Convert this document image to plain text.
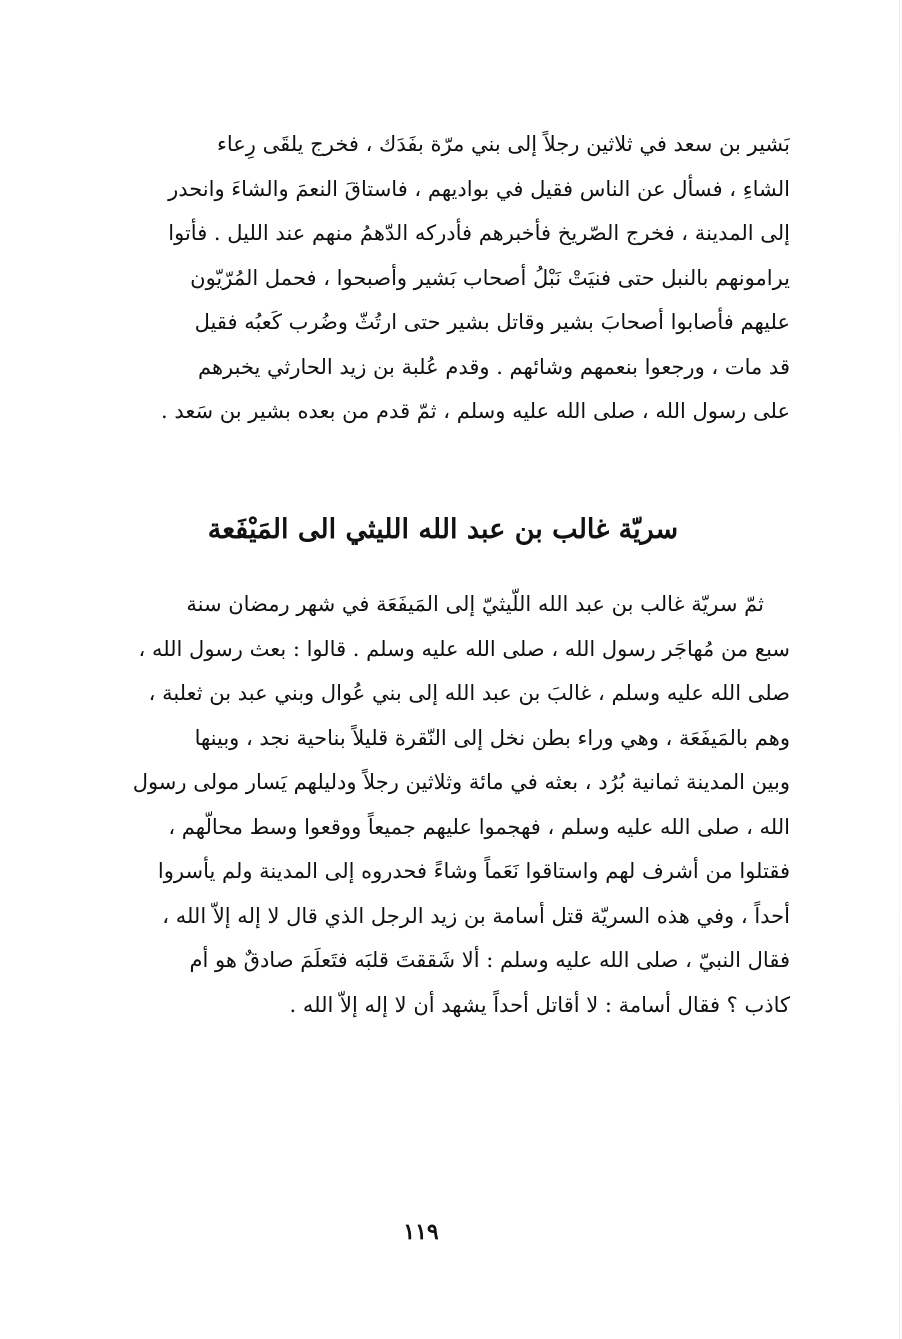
بَشير بن سعد في ثلاثين رجلاً إلى بني مرّة بفَدَك ، فخرج يلقَى رِعاء
الشاءِ ، فسأل عن الناس فقيل في بواديهم ، فاستاقَ النعمَ والشاءَ وانحدر
إلى المدينة ، فخرج الصّريخ فأخبرهم فأدركه الدّهمُ منهم عند الليل . فأتوا
يرامونهم بالنبل حتى فنيَتْ نَبْلُ أصحاب بَشير وأصبحوا ، فحمل المُرّيّون
عليهم فأصابوا أصحابَ بشير وقاتل بشير حتى ارتُثّ وضُرب كَعبُه فقيل
قد مات ، ورجعوا بنعمهم وشائهم . وقدم عُلبة بن زيد الحارثي يخبرهم
على رسول الله ، صلى الله عليه وسلم ، ثمّ قدم من بعده بشير بن سَعد .
سريّة غالب بن عبد الله الليثي الى المَيْفَعة
ثمّ سريّة غالب بن عبد الله اللّيثيّ إلى المَيفَعَة في شهر رمضان سنة
سبع من مُهاجَر رسول الله ، صلى الله عليه وسلم . قالوا : بعث رسول الله ،
صلى الله عليه وسلم ، غالبَ بن عبد الله إلى بني عُوال وبني عبد بن ثعلبة ،
وهم بالمَيفَعَة ، وهي وراء بطن نخل إلى النّقرة قليلاً بناحية نجد ، وبينها
وبين المدينة ثمانية بُرُد ، بعثه في مائة وثلاثين رجلاً ودليلهم يَسار مولى رسول
الله ، صلى الله عليه وسلم ، فهجموا عليهم جميعاً ووقعوا وسط محالّهم ،
فقتلوا من أشرف لهم واستاقوا نَعَماً وشاءً فحدروه إلى المدينة ولم يأسروا
أحداً ، وفي هذه السريّة قتل أسامة بن زيد الرجل الذي قال لا إله إلاّ الله ،
فقال النبيّ ، صلى الله عليه وسلم : ألا شَققتَ قلبَه فتَعلَمَ صادقٌ هو أم
كاذب ؟ فقال أسامة : لا أقاتل أحداً يشهد أن لا إله إلاّ الله .
١١٩
